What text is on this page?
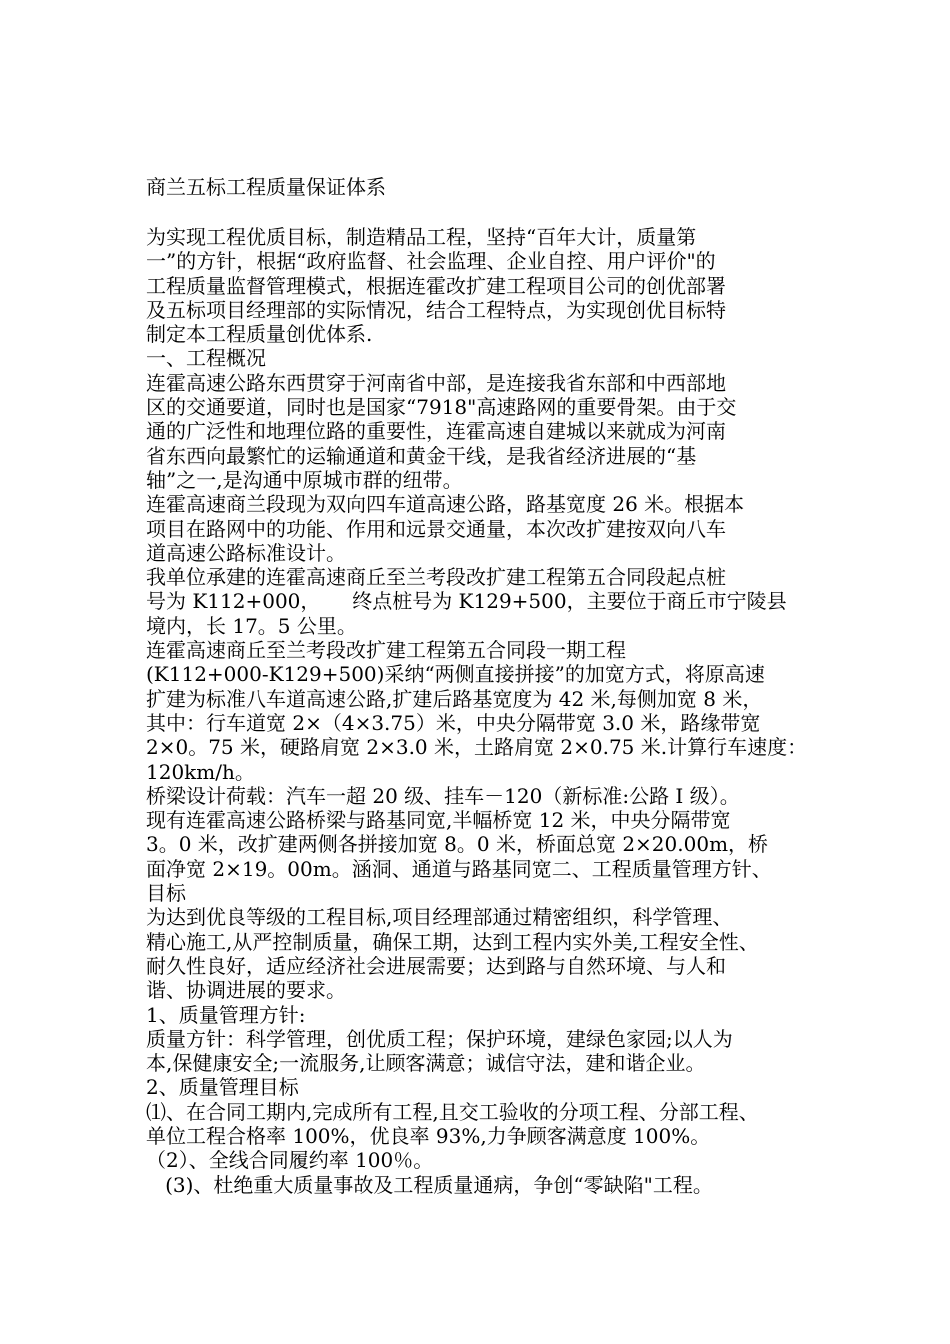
商兰五标工程质量保证体系
为实现工程优质目标，制造精品工程，坚持“百年大计，质量第
一”的方针，根据“政府监督、社会监理、企业自控、用户评价"的
工程质量监督管理模式，根据连霍改扩建工程项目公司的创优部署
及五标项目经理部的实际情况，结合工程特点，为实现创优目标特
制定本工程质量创优体系.
一、工程概况
连霍高速公路东西贯穿于河南省中部，是连接我省东部和中西部地
区的交通要道，同时也是国家“7918"高速路网的重要骨架。由于交
通的广泛性和地理位路的重要性，连霍高速自建城以来就成为河南
省东西向最繁忙的运输通道和黄金干线，是我省经济进展的“基
轴”之一,是沟通中原城市群的纽带。
连霍高速商兰段现为双向四车道高速公路，路基宽度 26 米。根据本
项目在路网中的功能、作用和远景交通量，本次改扩建按双向八车
道高速公路标准设计。
我单位承建的连霍高速商丘至兰考段改扩建工程第五合同段起点桩
号为 K112+000，     终点桩号为 K129+500，主要位于商丘市宁陵县
境内，长 17。5 公里。
连霍高速商丘至兰考段改扩建工程第五合同段一期工程
(K112+000-K129+500)采纳“两侧直接拼接”的加宽方式，将原高速
扩建为标准八车道高速公路,扩建后路基宽度为 42 米,每侧加宽 8 米，
其中：行车道宽 2×（4×3.75）米，中央分隔带宽 3.0 米，路缘带宽
2×0。75 米，硬路肩宽 2×3.0 米，土路肩宽 2×0.75 米.计算行车速度：
120km/h。
桥梁设计荷载：汽车一超 20 级、挂车－120（新标准:公路 I 级）。
现有连霍高速公路桥梁与路基同宽,半幅桥宽 12 米，中央分隔带宽
3。0 米，改扩建两侧各拼接加宽 8。0 米，桥面总宽 2×20.00m，桥
面净宽 2×19。00m。涵洞、通道与路基同宽二、工程质量管理方针、
目标
为达到优良等级的工程目标,项目经理部通过精密组织，科学管理、
精心施工,从严控制质量，确保工期，达到工程内实外美,工程安全性、
耐久性良好，适应经济社会进展需要；达到路与自然环境、与人和
谐、协调进展的要求。
1、质量管理方针:
质量方针：科学管理，创优质工程；保护环境，建绿色家园;以人为
本,保健康安全;一流服务,让顾客满意；诚信守法，建和谐企业。
2、质量管理目标
⑴、在合同工期内,完成所有工程,且交工验收的分项工程、分部工程、
单位工程合格率 100%，优良率 93%,力争顾客满意度 100%。
（2）、全线合同履约率 100％。
(3)、杜绝重大质量事故及工程质量通病，争创“零缺陷"工程。
